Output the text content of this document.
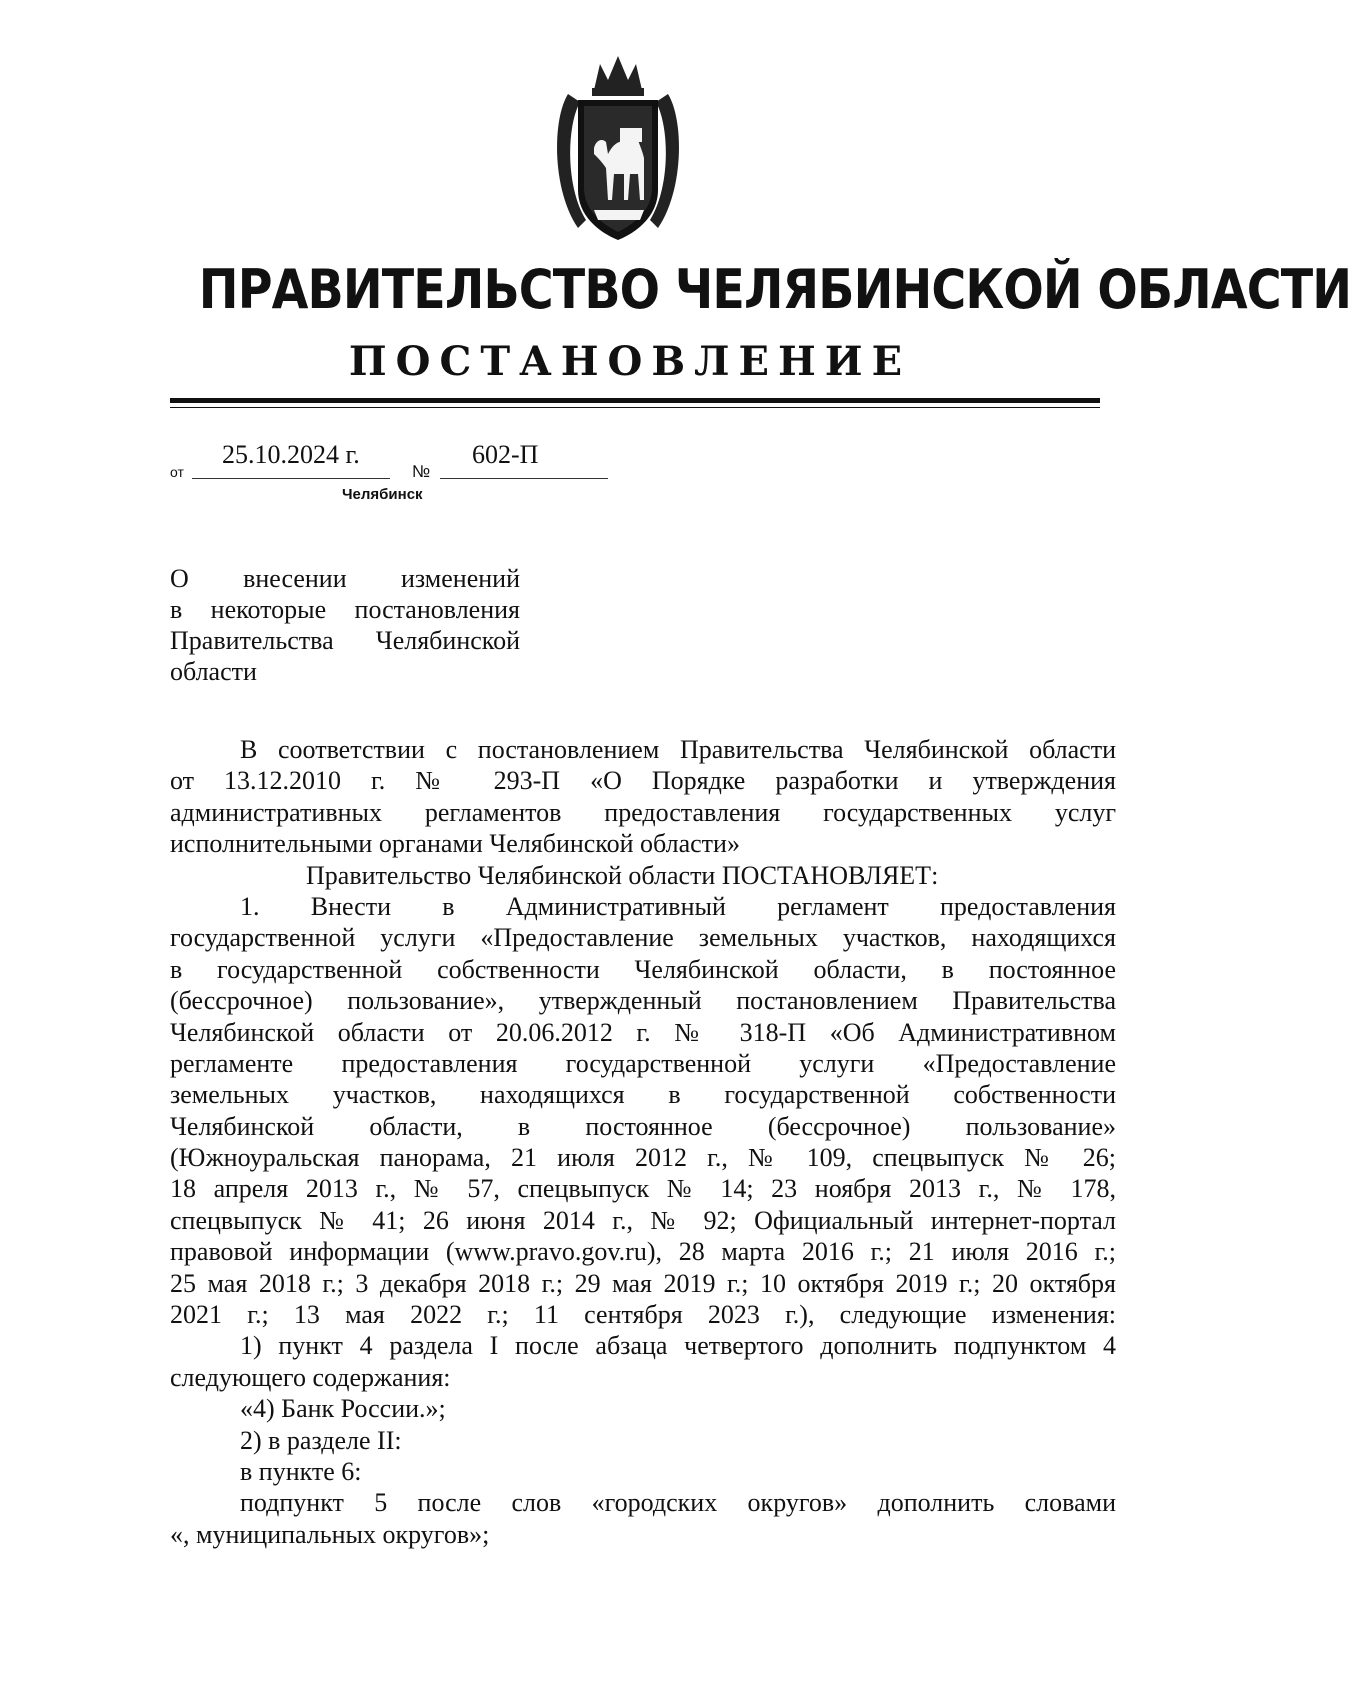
ПРАВИТЕЛЬСТВО ЧЕЛЯБИНСКОЙ ОБЛАСТИ
ПОСТАНОВЛЕНИЕ
от
25.10.2024 г.
№
602-П
Челябинск
О внесении изменений
в некоторые постановления
Правительства Челябинской
области
В соответствии с постановлением Правительства Челябинской области
от 13.12.2010 г. № 293-П «О Порядке разработки и утверждения
административных регламентов предоставления государственных услуг
исполнительными органами Челябинской области»
Правительство Челябинской области ПОСТАНОВЛЯЕТ:
1. Внести в Административный регламент предоставления
государственной услуги «Предоставление земельных участков, находящихся
в государственной собственности Челябинской области, в постоянное
(бессрочное) пользование», утвержденный постановлением Правительства
Челябинской области от 20.06.2012 г. № 318-П «Об Административном
регламенте предоставления государственной услуги «Предоставление
земельных участков, находящихся в государственной собственности
Челябинской области, в постоянное (бессрочное) пользование»
(Южноуральская панорама, 21 июля 2012 г., № 109, спецвыпуск № 26;
18 апреля 2013 г., № 57, спецвыпуск № 14; 23 ноября 2013 г., № 178,
спецвыпуск № 41; 26 июня 2014 г., № 92; Официальный интернет-портал
правовой информации (www.pravo.gov.ru), 28 марта 2016 г.; 21 июля 2016 г.;
25 мая 2018 г.; 3 декабря 2018 г.; 29 мая 2019 г.; 10 октября 2019 г.; 20 октября
2021 г.; 13 мая 2022 г.; 11 сентября 2023 г.), следующие изменения:
1) пункт 4 раздела I после абзаца четвертого дополнить подпунктом 4
следующего содержания:
«4) Банк России.»;
2) в разделе II:
в пункте 6:
подпункт 5 после слов «городских округов» дополнить словами
«, муниципальных округов»;
